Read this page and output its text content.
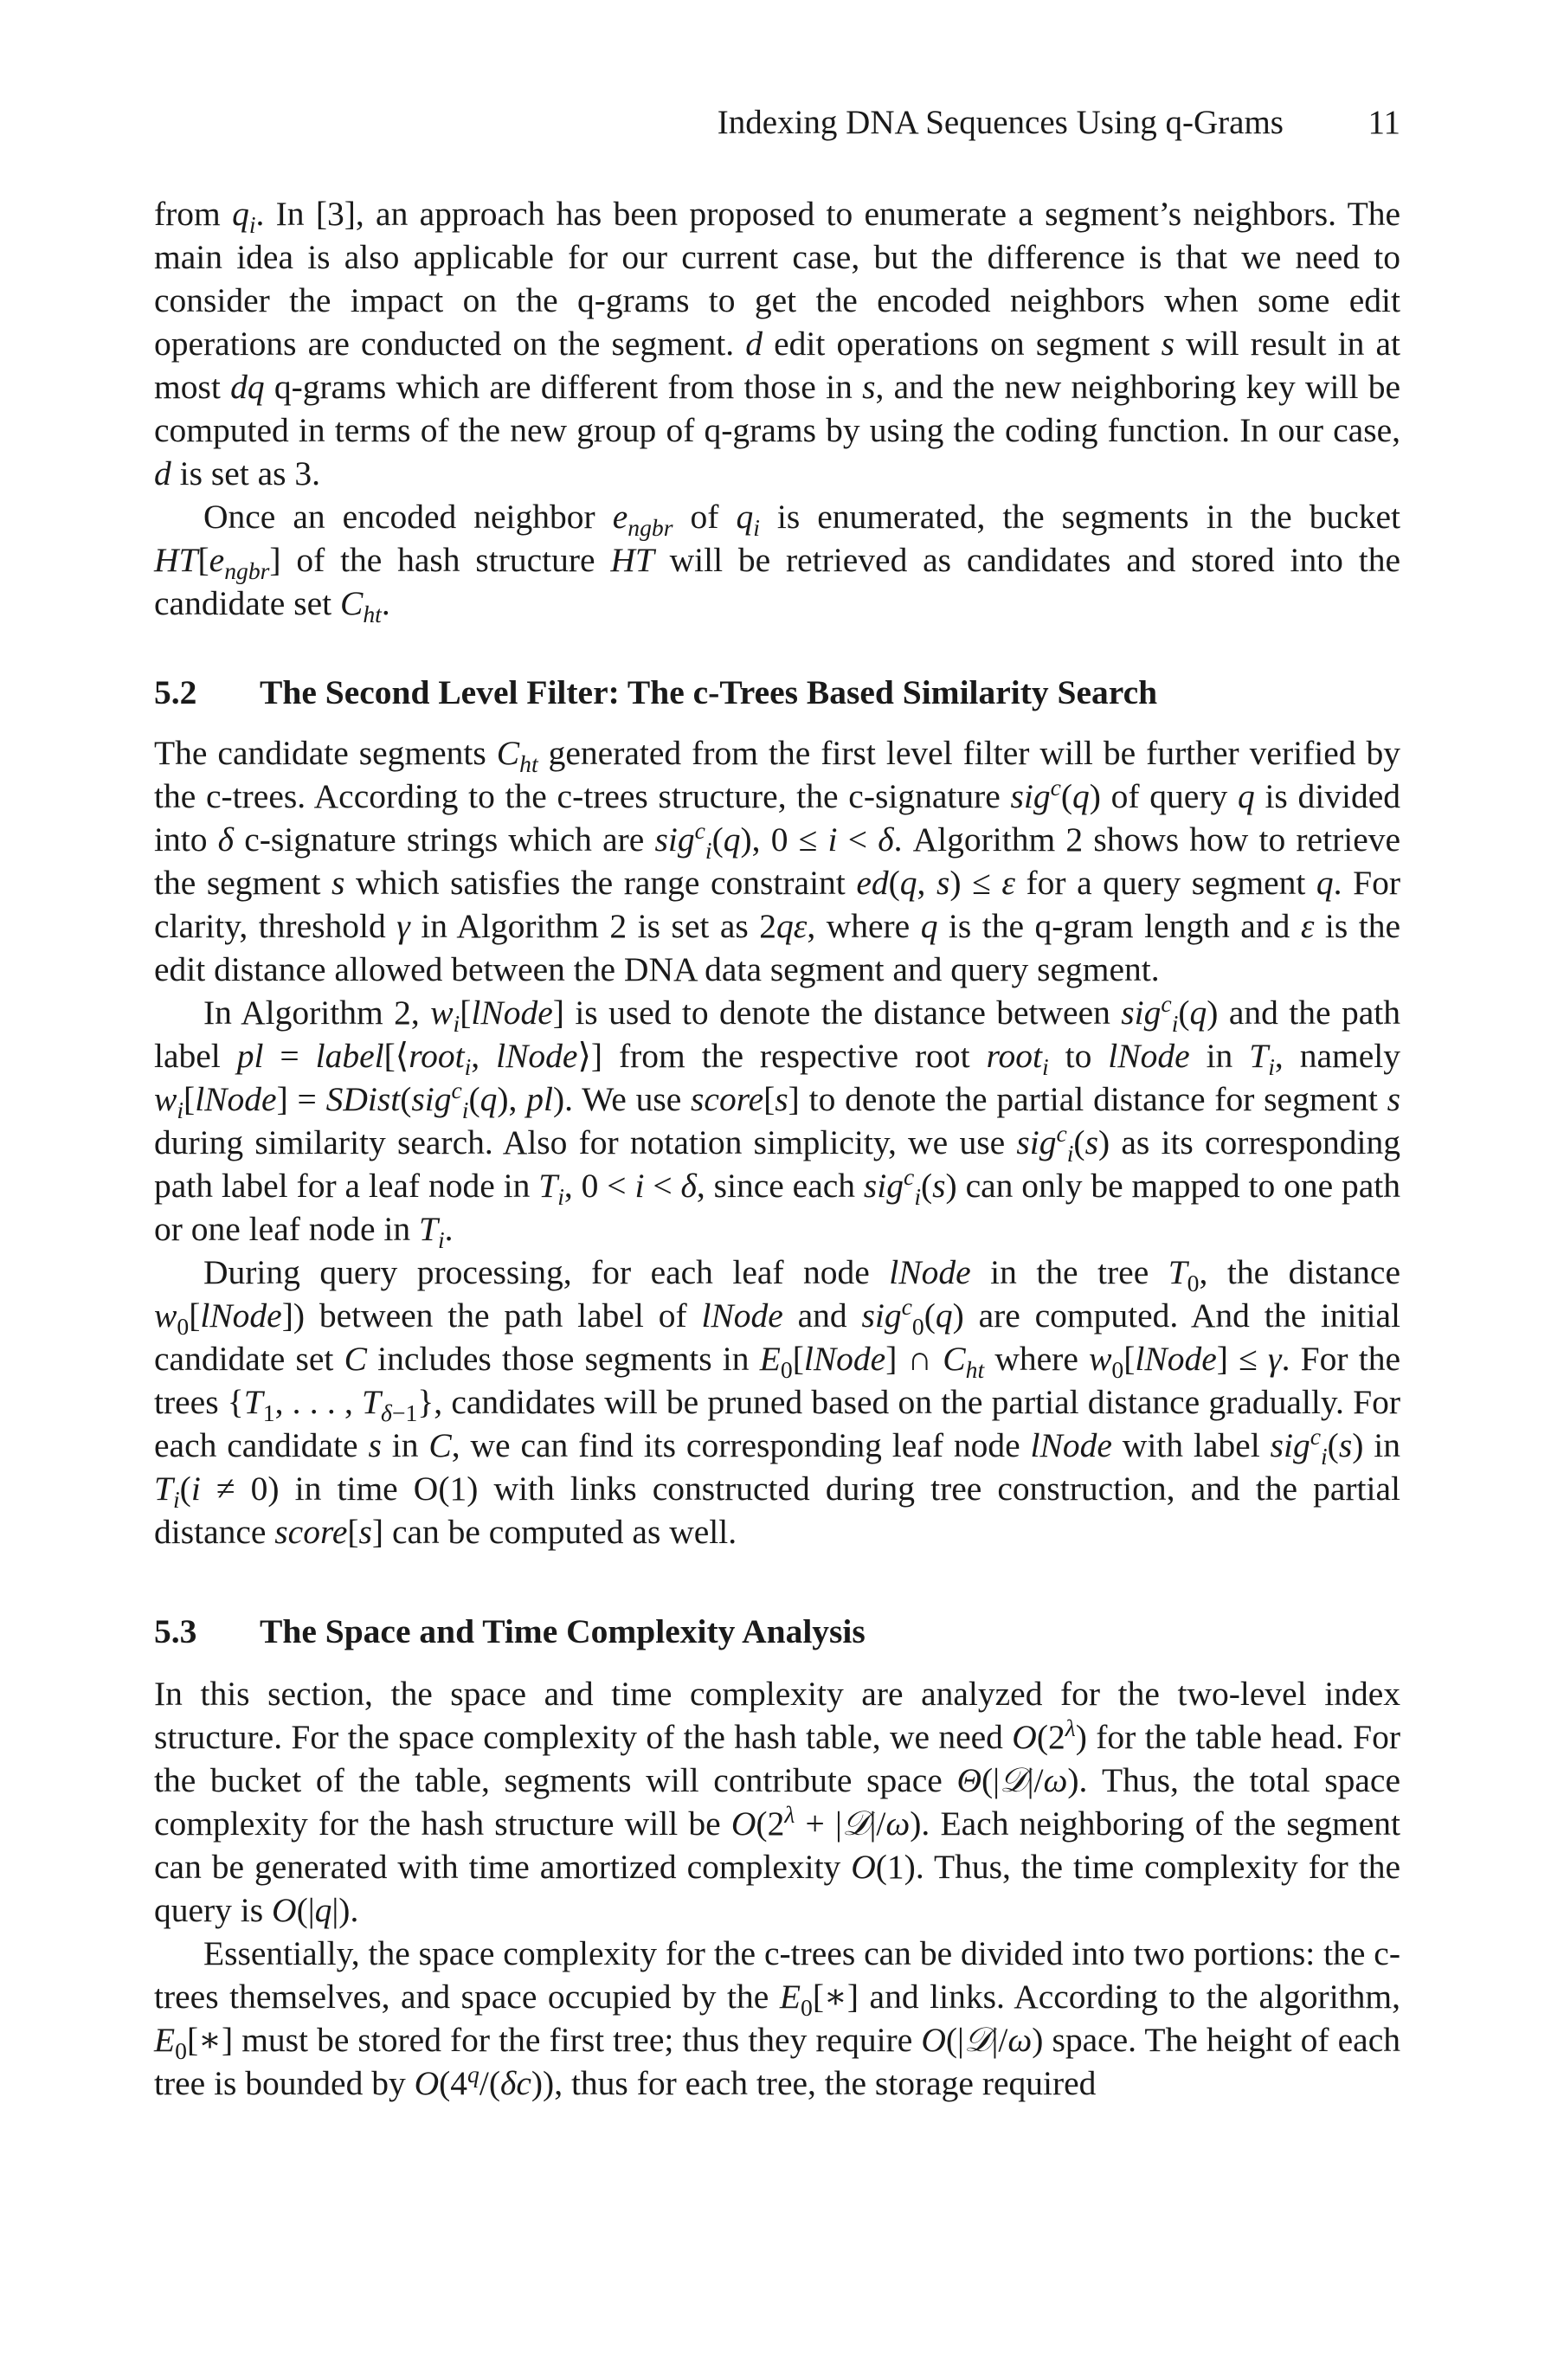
Indexing DNA Sequences Using q-Grams 11

from $q_i$. In [3], an approach has been proposed to enumerate a segment’s neighbors. The main idea is also applicable for our current case, but the difference is that we need to consider the impact on the q-grams to get the encoded neighbors when some edit operations are conducted on the segment. d edit operations on segment s will result in at most dq q-grams which are different from those in s, and the new neighboring key will be computed in terms of the new group of q-grams by using the coding function. In our case, d is set as 3.

Once an encoded neighbor $e_{ngbr}$ of $q_i$ is enumerated, the segments in the bucket $HT[e_{ngbr}]$ of the hash structure HT will be retrieved as candidates and stored into the candidate set $C_{ht}$.

5.2 The Second Level Filter: The c-Trees Based Similarity Search

The candidate segments $C_{ht}$ generated from the first level filter will be further verified by the c-trees. According to the c-trees structure, the c-signature sig$^c$(q) of query q is divided into δ c-signature strings which are sig$^c_i$(q), 0 ≤ i < δ. Algorithm 2 shows how to retrieve the segment s which satisfies the range constraint ed(q, s) ≤ ε for a query segment q. For clarity, threshold γ in Algorithm 2 is set as 2qε, where q is the q-gram length and ε is the edit distance allowed between the DNA data segment and query segment.

In Algorithm 2, $w_i[lNode]$ is used to denote the distance between sig$^c_i$(q) and the path label pl = label[⟨root$_i$, lNode⟩] from the respective root root$_i$ to lNode in $T_i$, namely $w_i[lNode]$ = SDist(sig$^c_i$(q), pl). We use score[s] to denote the partial distance for segment s during similarity search. Also for notation simplicity, we use sig$^c_i$(s) as its corresponding path label for a leaf node in $T_i$, 0 < i < δ, since each sig$^c_i$(s) can only be mapped to one path or one leaf node in $T_i$.

During query processing, for each leaf node lNode in the tree $T_0$, the distance $w_0[lNode]$) between the path label of lNode and sig$^c_0$(q) are computed. And the initial candidate set C includes those segments in $E_0[lNode]$ ∩ $C_{ht}$ where $w_0[lNode] \le \gamma$. For the trees {$T_1$, . . . , $T_{\delta-1}$}, candidates will be pruned based on the partial distance gradually. For each candidate s in C, we can find its corresponding leaf node lNode with label sig$^c_i$(s) in $T_i(i \ne 0)$ in time O(1) with links constructed during tree construction, and the partial distance score[s] can be computed as well.

5.3 The Space and Time Complexity Analysis

In this section, the space and time complexity are analyzed for the two-level index structure. For the space complexity of the hash table, we need $O(2^\lambda)$ for the table head. For the bucket of the table, segments will contribute space Θ(|𝒟|/ω). Thus, the total space complexity for the hash structure will be $O(2^\lambda$ + |𝒟|/ω). Each neighboring of the segment can be generated with time amortized complexity O(1). Thus, the time complexity for the query is O(|q|).

Essentially, the space complexity for the c-trees can be divided into two portions: the c-trees themselves, and space occupied by the $E_0[∗]$ and links. According to the algorithm, $E_0[∗]$ must be stored for the first tree; thus they require O(|𝒟|/ω) space. The height of each tree is bounded by O(4$^q$/(δc)), thus for each tree, the storage required
